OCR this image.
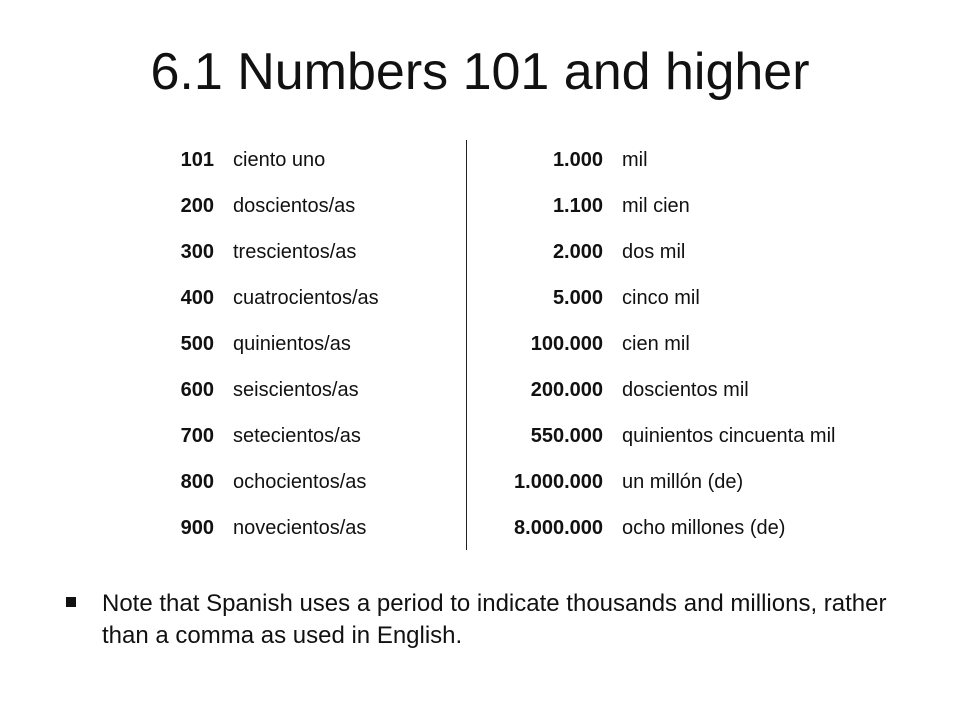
6.1 Numbers 101 and higher
101 ciento uno	1.000 mil
200 doscientos/as	1.100 mil cien
300 trescientos/as	2.000 dos mil
400 cuatrocientos/as	5.000 cinco mil
500 quinientos/as	100.000 cien mil
600 seiscientos/as	200.000 doscientos mil
700 setecientos/as	550.000 quinientos cincuenta mil
800 ochocientos/as	1.000.000 un millón (de)
900 novecientos/as	8.000.000 ocho millones (de)
Note that Spanish uses a period to indicate thousands and millions, rather than a comma as used in English.
